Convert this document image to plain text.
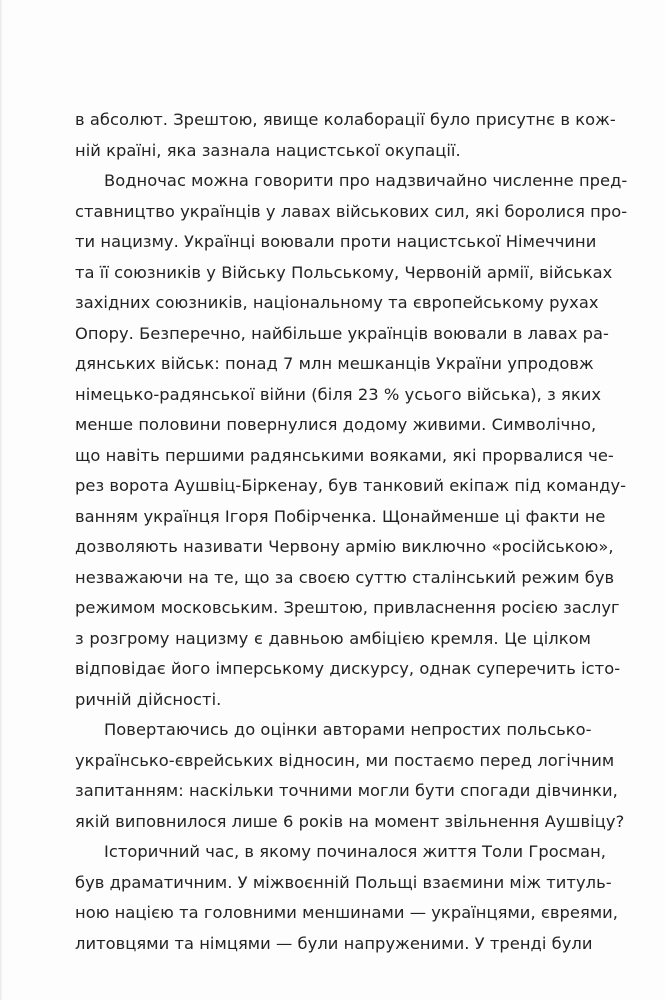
в абсолют. Зрештою, явище колаборації було присутнє в кож-
ній країні, яка зазнала нацистської окупації.
Водночас можна говорити про надзвичайно численне пред-
ставництво українців у лавах військових сил, які боролися про-
ти нацизму. Українці воювали проти нацистської Німеччини
та її союзників у Війську Польському, Червоній армії, військах
західних союзників, національному та європейському рухах
Опору. Безперечно, найбільше українців воювали в лавах ра-
дянських військ: понад 7 млн мешканців України упродовж
німецько-радянської війни (біля 23 % усього війська), з яких
менше половини повернулися додому живими. Символічно,
що навіть першими радянськими вояками, які прорвалися че-
рез ворота Аушвіц-Біркенау, був танковий екіпаж під команду-
ванням українця Ігоря Побірченка. Щонайменше ці факти не
дозволяють називати Червону армію виключно «російською»,
незважаючи на те, що за своєю суттю сталінський режим був
режимом московським. Зрештою, привласнення росією заслуг
з розгрому нацизму є давньою амбіцією кремля. Це цілком
відповідає його імперському дискурсу, однак суперечить істо-
ричній дійсності.
Повертаючись до оцінки авторами непростих польсько-
українсько-єврейських відносин, ми постаємо перед логічним
запитанням: наскільки точними могли бути спогади дівчинки,
якій виповнилося лише 6 років на момент звільнення Аушвіцу?
Історичний час, в якому починалося життя Толи Гросман,
був драматичним. У міжвоєнній Польщі взаємини між титуль-
ною нацією та головними меншинами — українцями, євреями,
литовцями та німцями — були напруженими. У тренді були
